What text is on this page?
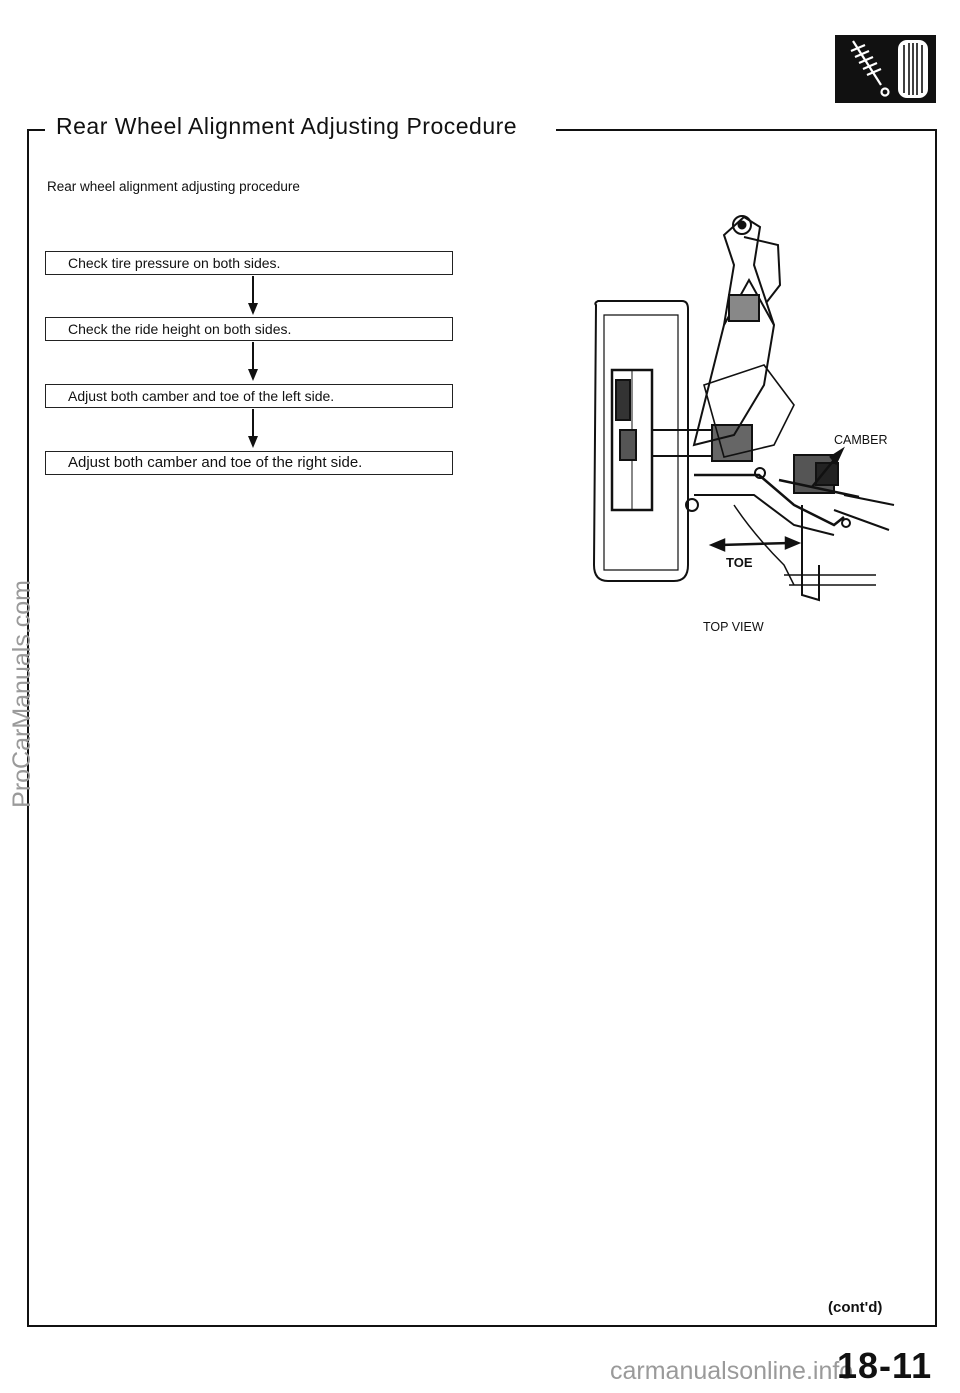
Rear Wheel Alignment Adjusting Procedure
Rear wheel alignment adjusting procedure
Check tire pressure on both sides.
Check the ride height on both sides.
Adjust both camber and toe of the left side.
Adjust both camber and toe of the right side.
CAMBER
TOE
TOP VIEW
ProCarManuals.com
(cont'd)
carmanualsonline.info
18-11
